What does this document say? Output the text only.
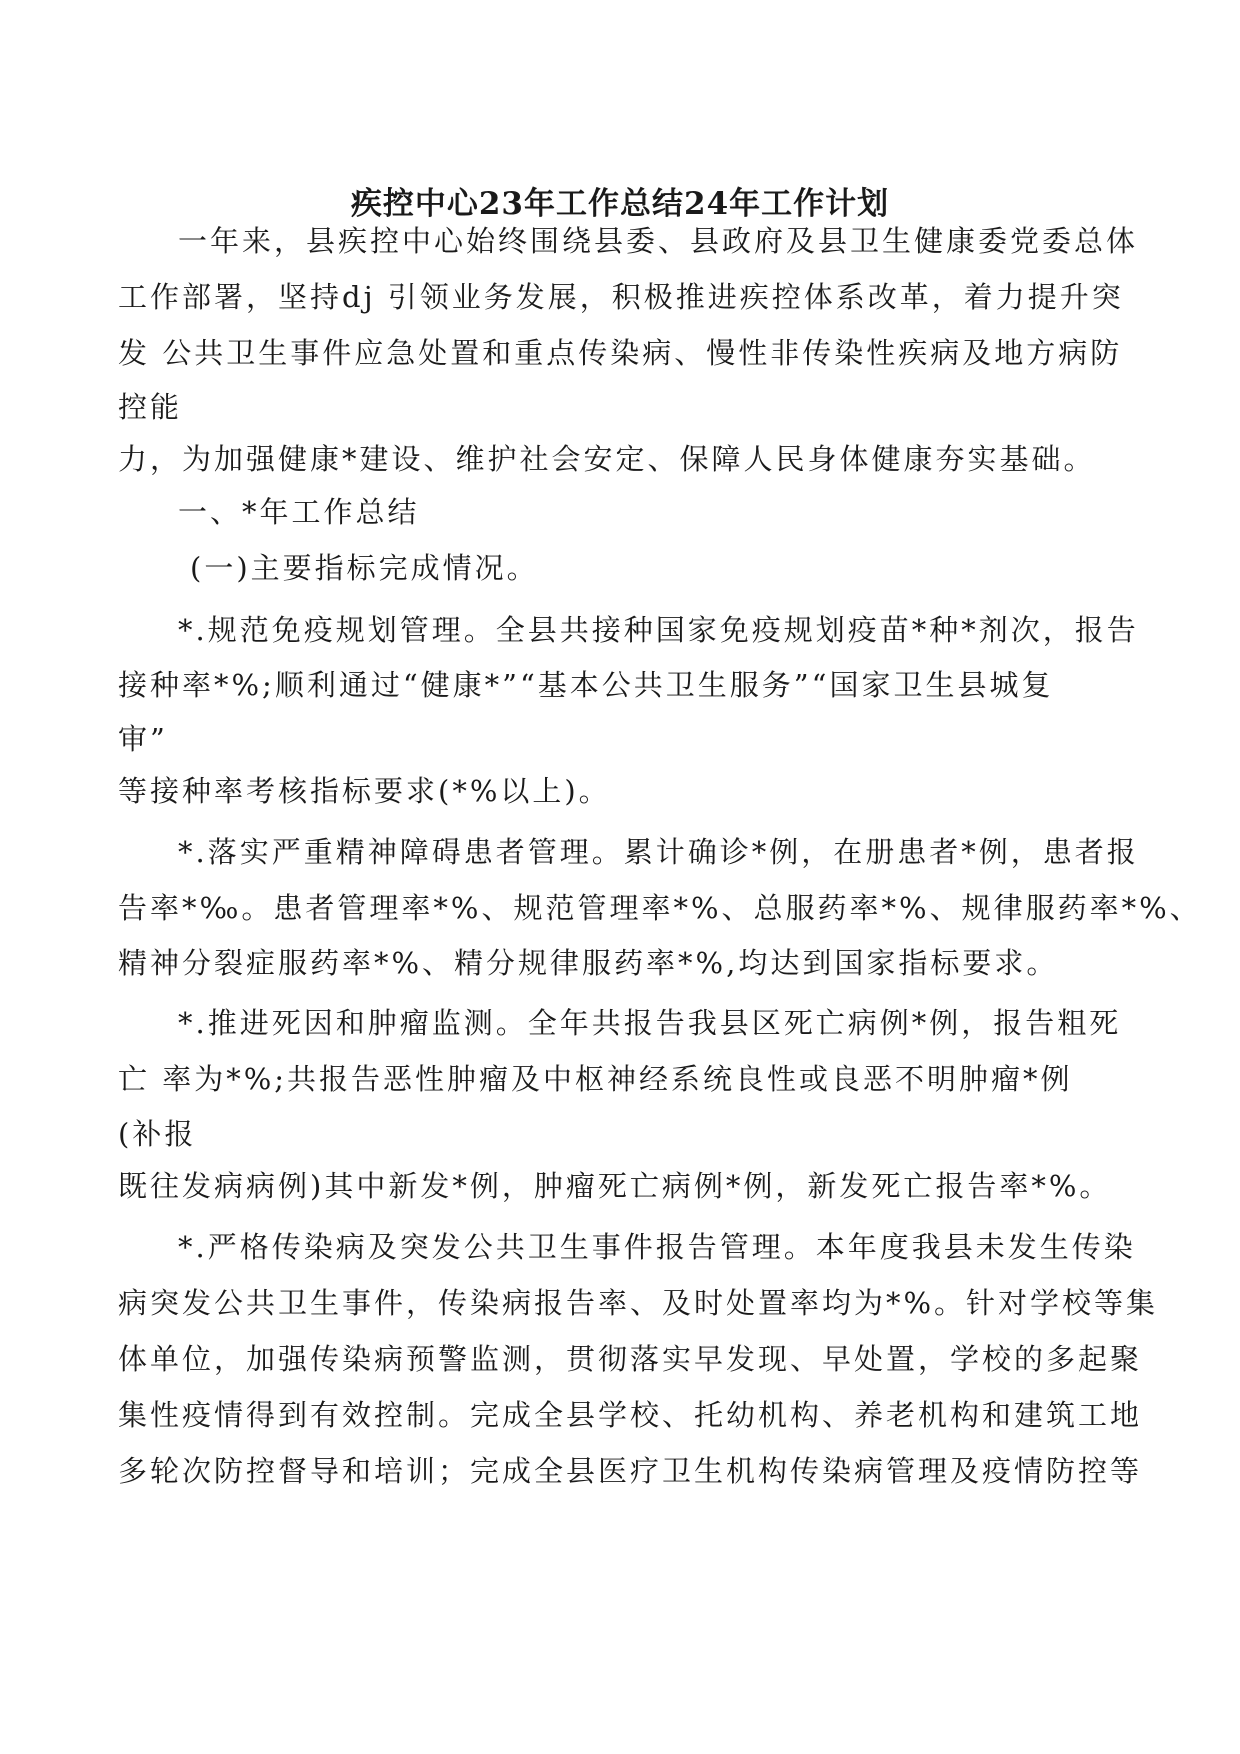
疾控中心23年工作总结24年工作计划
一年来，县疾控中心始终围绕县委、县政府及县卫生健康委党委总体
工作部署，坚持dj 引领业务发展，积极推进疾控体系改革，着力提升突
发 公共卫生事件应急处置和重点传染病、慢性非传染性疾病及地方病防
控能
力，为加强健康*建设、维护社会安定、保障人民身体健康夯实基础。
一、*年工作总结
(一)主要指标完成情况。
*.规范免疫规划管理。全县共接种国家免疫规划疫苗*种*剂次，报告
接种率*%;顺利通过“健康*”“基本公共卫生服务”“国家卫生县城复
审”
等接种率考核指标要求(*%以上)。
*.落实严重精神障碍患者管理。累计确诊*例，在册患者*例，患者报
告率*‰。患者管理率*%、规范管理率*%、总服药率*%、规律服药率*%、
精神分裂症服药率*%、精分规律服药率*%,均达到国家指标要求。
*.推进死因和肿瘤监测。全年共报告我县区死亡病例*例，报告粗死
亡 率为*%;共报告恶性肿瘤及中枢神经系统良性或良恶不明肿瘤*例
(补报
既往发病病例)其中新发*例，肿瘤死亡病例*例，新发死亡报告率*%。
*.严格传染病及突发公共卫生事件报告管理。本年度我县未发生传染
病突发公共卫生事件，传染病报告率、及时处置率均为*%。针对学校等集
体单位，加强传染病预警监测，贯彻落实早发现、早处置，学校的多起聚
集性疫情得到有效控制。完成全县学校、托幼机构、养老机构和建筑工地
多轮次防控督导和培训；完成全县医疗卫生机构传染病管理及疫情防控等
